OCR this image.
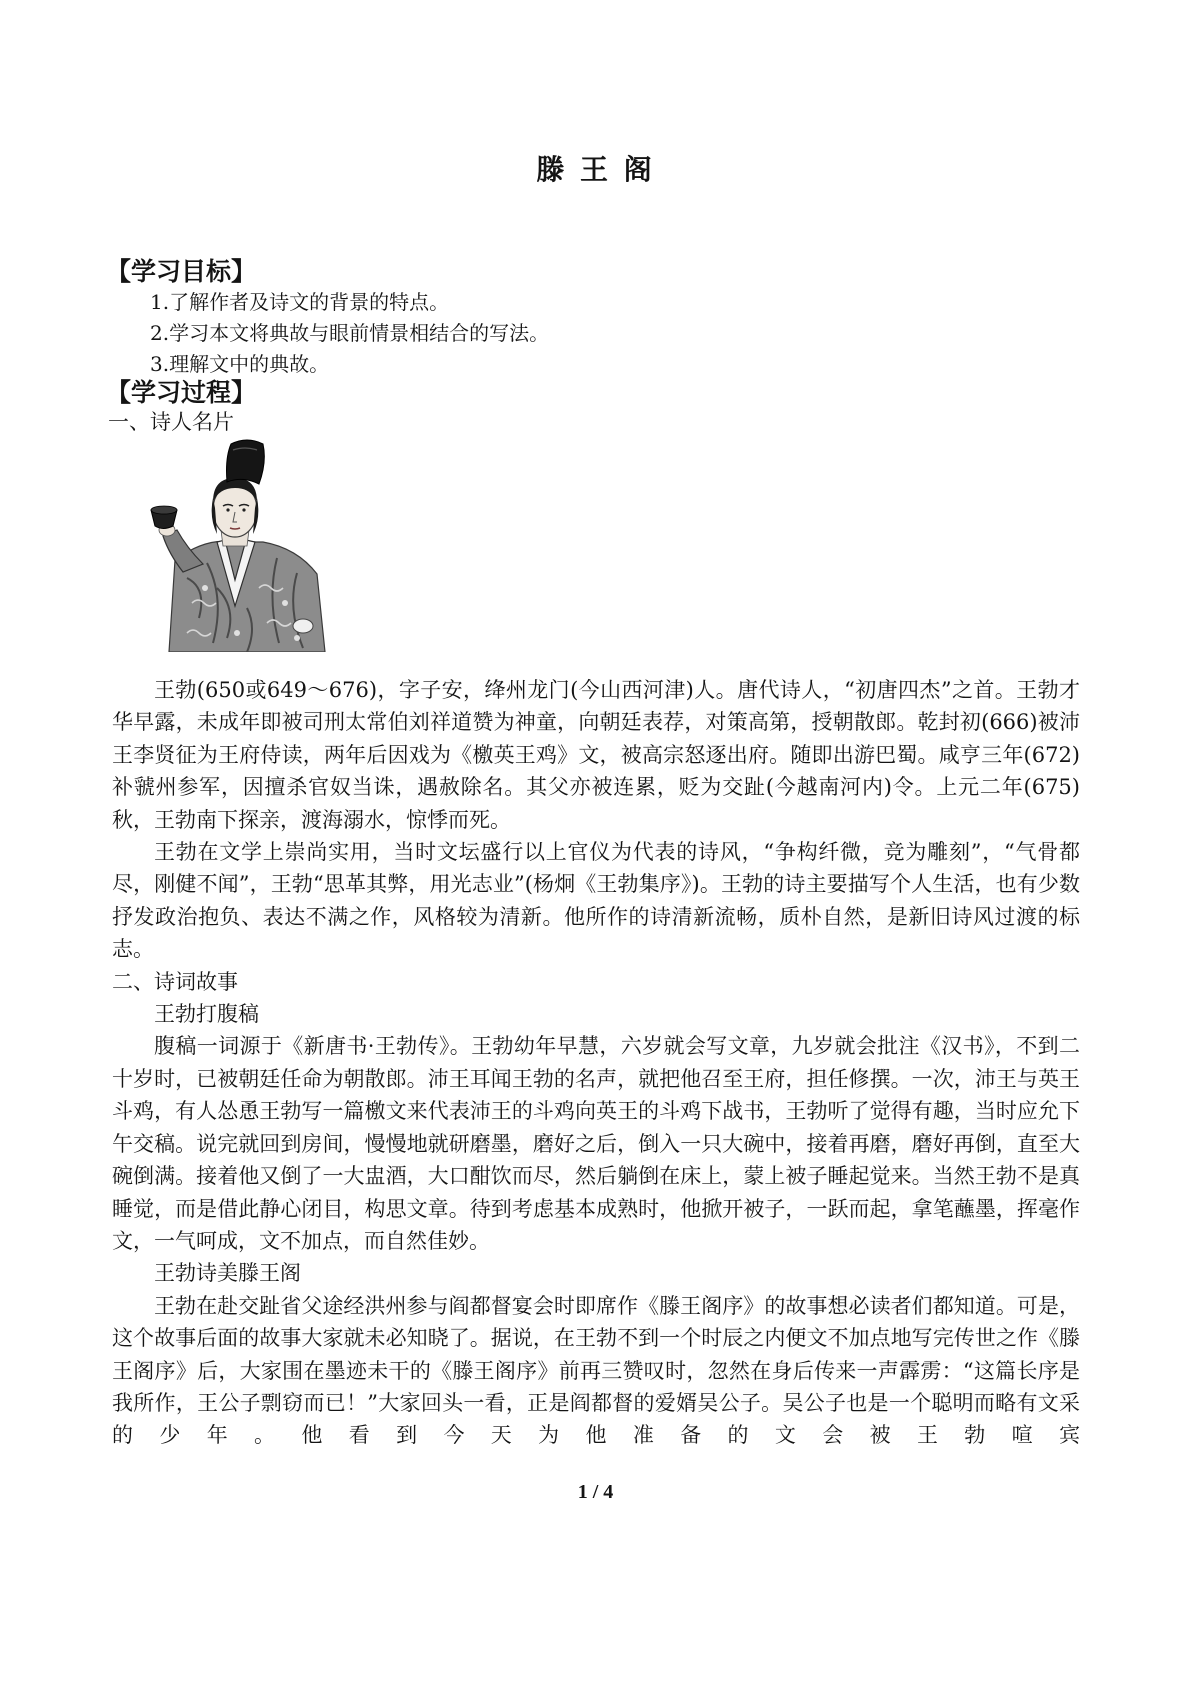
滕 王 阁
【学习目标】
1.了解作者及诗文的背景的特点。
2.学习本文将典故与眼前情景相结合的写法。
3.理解文中的典故。
【学习过程】
一、诗人名片

王勃(650或649～676)，字子安，绛州龙门(今山西河津)人。唐代诗人，“初唐四杰”之首。王勃才华早露，未成年即被司刑太常伯刘祥道赞为神童，向朝廷表荐，对策高第，授朝散郎。乾封初(666)被沛王李贤征为王府侍读，两年后因戏为《檄英王鸡》文，被高宗怒逐出府。随即出游巴蜀。咸亨三年(672)补虢州参军，因擅杀官奴当诛，遇赦除名。其父亦被连累，贬为交趾(今越南河内)令。上元二年(675)秋，王勃南下探亲，渡海溺水，惊悸而死。

王勃在文学上崇尚实用，当时文坛盛行以上官仪为代表的诗风，“争构纤微，竞为雕刻”，“气骨都尽，刚健不闻”，王勃“思革其弊，用光志业”(杨炯《王勃集序》)。王勃的诗主要描写个人生活，也有少数抒发政治抱负、表达不满之作，风格较为清新。他所作的诗清新流畅，质朴自然，是新旧诗风过渡的标志。

二、诗词故事
王勃打腹稿

腹稿一词源于《新唐书·王勃传》。王勃幼年早慧，六岁就会写文章，九岁就会批注《汉书》，不到二十岁时，已被朝廷任命为朝散郎。沛王耳闻王勃的名声，就把他召至王府，担任修撰。一次，沛王与英王斗鸡，有人怂恿王勃写一篇檄文来代表沛王的斗鸡向英王的斗鸡下战书，王勃听了觉得有趣，当时应允下午交稿。说完就回到房间，慢慢地就研磨墨，磨好之后，倒入一只大碗中，接着再磨，磨好再倒，直至大碗倒满。接着他又倒了一大盅酒，大口酣饮而尽，然后躺倒在床上，蒙上被子睡起觉来。当然王勃不是真睡觉，而是借此静心闭目，构思文章。待到考虑基本成熟时，他掀开被子，一跃而起，拿笔蘸墨，挥毫作文，一气呵成，文不加点，而自然佳妙。

王勃诗美滕王阁

王勃在赴交趾省父途经洪州参与阎都督宴会时即席作《滕王阁序》的故事想必读者们都知道。可是，这个故事后面的故事大家就未必知晓了。据说，在王勃不到一个时辰之内便文不加点地写完传世之作《滕王阁序》后，大家围在墨迹未干的《滕王阁序》前再三赞叹时，忽然在身后传来一声霹雳：“这篇长序是我所作，王公子剽窃而已！”大家回头一看，正是阎都督的爱婿吴公子。吴公子也是一个聪明而略有文采的少年。他看到今天为他准备的文会被王勃喧宾

1 / 4
